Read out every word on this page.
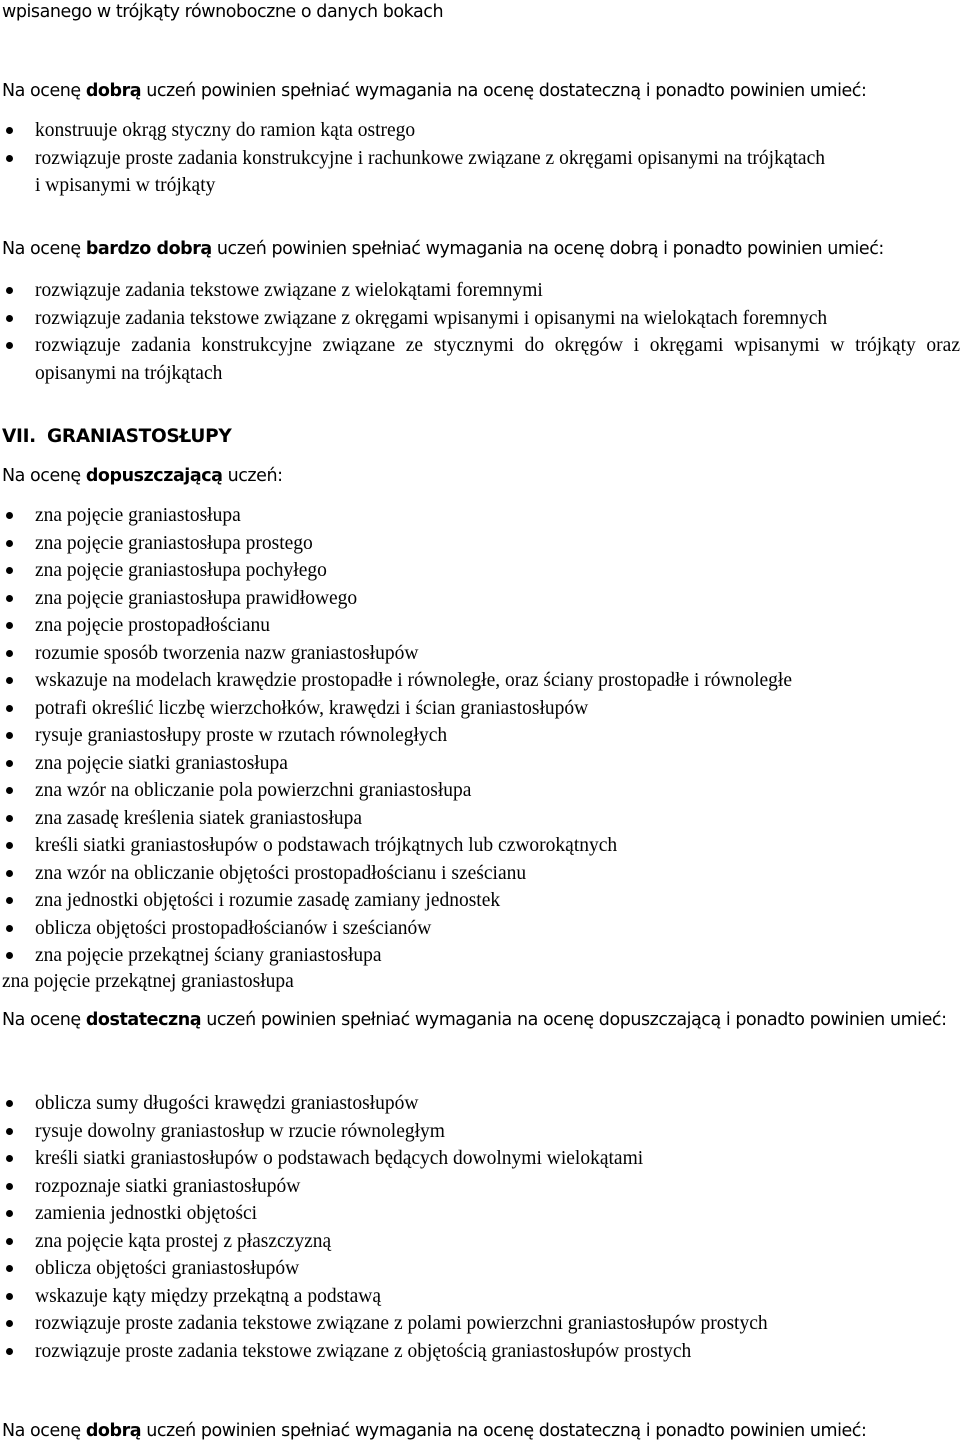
wpisanego w trójkąty równoboczne o danych bokach
Na ocenę dobrą uczeń powinien spełniać wymagania na ocenę dostateczną i ponadto powinien umieć:
konstruuje okrąg styczny do ramion kąta ostrego
rozwiązuje proste zadania konstrukcyjne i rachunkowe związane z okręgami opisanymi na trójkątach
i wpisanymi w trójkąty
Na ocenę bardzo dobrą uczeń powinien spełniać wymagania na ocenę dobrą i ponadto powinien umieć:
rozwiązuje zadania tekstowe związane z wielokątami foremnymi
rozwiązuje zadania tekstowe związane z okręgami wpisanymi i opisanymi na wielokątach foremnych
rozwiązuje zadania konstrukcyjne związane ze stycznymi do okręgów i okręgami wpisanymi w trójkąty oraz opisanymi na trójkątach
VII. GRANIASTOSŁUPY
Na ocenę dopuszczającą uczeń:
zna pojęcie graniastosłupa
zna pojęcie graniastosłupa prostego
zna pojęcie graniastosłupa pochyłego
zna pojęcie graniastosłupa prawidłowego
zna pojęcie prostopadłościanu
rozumie sposób tworzenia nazw graniastosłupów
wskazuje na modelach krawędzie prostopadłe i równoległe, oraz ściany prostopadłe i równoległe
potrafi określić liczbę wierzchołków, krawędzi i ścian graniastosłupów
rysuje graniastosłupy proste w rzutach równoległych
zna pojęcie siatki graniastosłupa
zna wzór na obliczanie pola powierzchni graniastosłupa
zna zasadę kreślenia siatek graniastosłupa
kreśli siatki graniastosłupów o podstawach trójkątnych lub czworokątnych
zna wzór na obliczanie objętości prostopadłościanu i sześcianu
zna jednostki objętości i rozumie zasadę zamiany jednostek
oblicza objętości prostopadłościanów i sześcianów
zna pojęcie przekątnej ściany graniastosłupa
zna pojęcie przekątnej graniastosłupa
Na ocenę dostateczną uczeń powinien spełniać wymagania na ocenę dopuszczającą i ponadto powinien umieć:
oblicza sumy długości krawędzi graniastosłupów
rysuje dowolny graniastosłup w rzucie równoległym
kreśli siatki graniastosłupów o podstawach będących dowolnymi wielokątami
rozpoznaje siatki graniastosłupów
zamienia jednostki objętości
zna pojęcie kąta prostej z płaszczyzną
oblicza objętości graniastosłupów
wskazuje kąty między przekątną a podstawą
rozwiązuje proste zadania tekstowe związane z polami powierzchni graniastosłupów prostych
rozwiązuje proste zadania tekstowe związane z objętością graniastosłupów prostych
Na ocenę dobrą uczeń powinien spełniać wymagania na ocenę dostateczną i ponadto powinien umieć:
